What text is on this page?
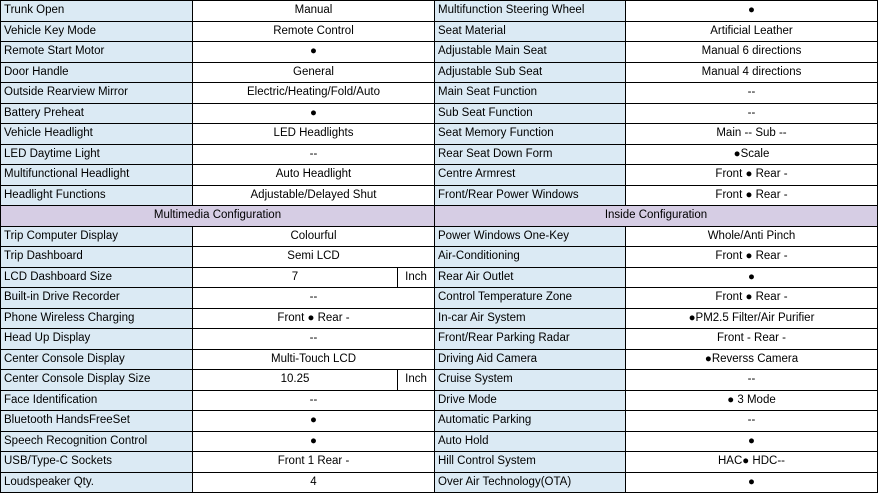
Trunk Open	Manual		Multifunction Steering Wheel	●
Vehicle Key Mode	Remote Control		Seat Material	Artificial Leather
Remote Start Motor	●		Adjustable Main Seat	Manual 6 directions
Door Handle	General		Adjustable Sub Seat	Manual 4 directions
Outside Rearview Mirror	Electric/Heating/Fold/Auto		Main Seat Function	--
Battery Preheat	●		Sub Seat Function	--
Vehicle Headlight	LED Headlights		Seat Memory Function	Main -- Sub --
LED Daytime Light	--		Rear Seat Down Form	●Scale
Multifunctional Headlight	Auto Headlight		Centre Armrest	Front ● Rear -
Headlight Functions	Adjustable/Delayed Shut		Front/Rear Power Windows	Front ● Rear -
Multimedia Configuration			Inside Configuration	
Trip Computer Display	Colourful		Power Windows One-Key	Whole/Anti Pinch
Trip Dashboard	Semi LCD		Air-Conditioning	Front ● Rear -
LCD Dashboard Size	7	Inch	Rear Air Outlet	●
Built-in Drive Recorder	--		Control Temperature Zone	Front ● Rear -
Phone Wireless Charging	Front ● Rear -		In-car Air System	●PM2.5 Filter/Air Purifier
Head Up Display	--		Front/Rear Parking Radar	Front - Rear -
Center Console Display	Multi-Touch LCD		Driving Aid Camera	●Reverss Camera
Center Console Display Size	10.25	Inch	Cruise System	--
Face Identification	--		Drive Mode	● 3 Mode
Bluetooth HandsFreeSet	●		Automatic Parking	--
Speech Recognition Control	●		Auto Hold	●
USB/Type-C Sockets	Front 1 Rear -		Hill Control System	HAC● HDC--
Loudspeaker Qty.	4		Over Air Technology(OTA)	●
